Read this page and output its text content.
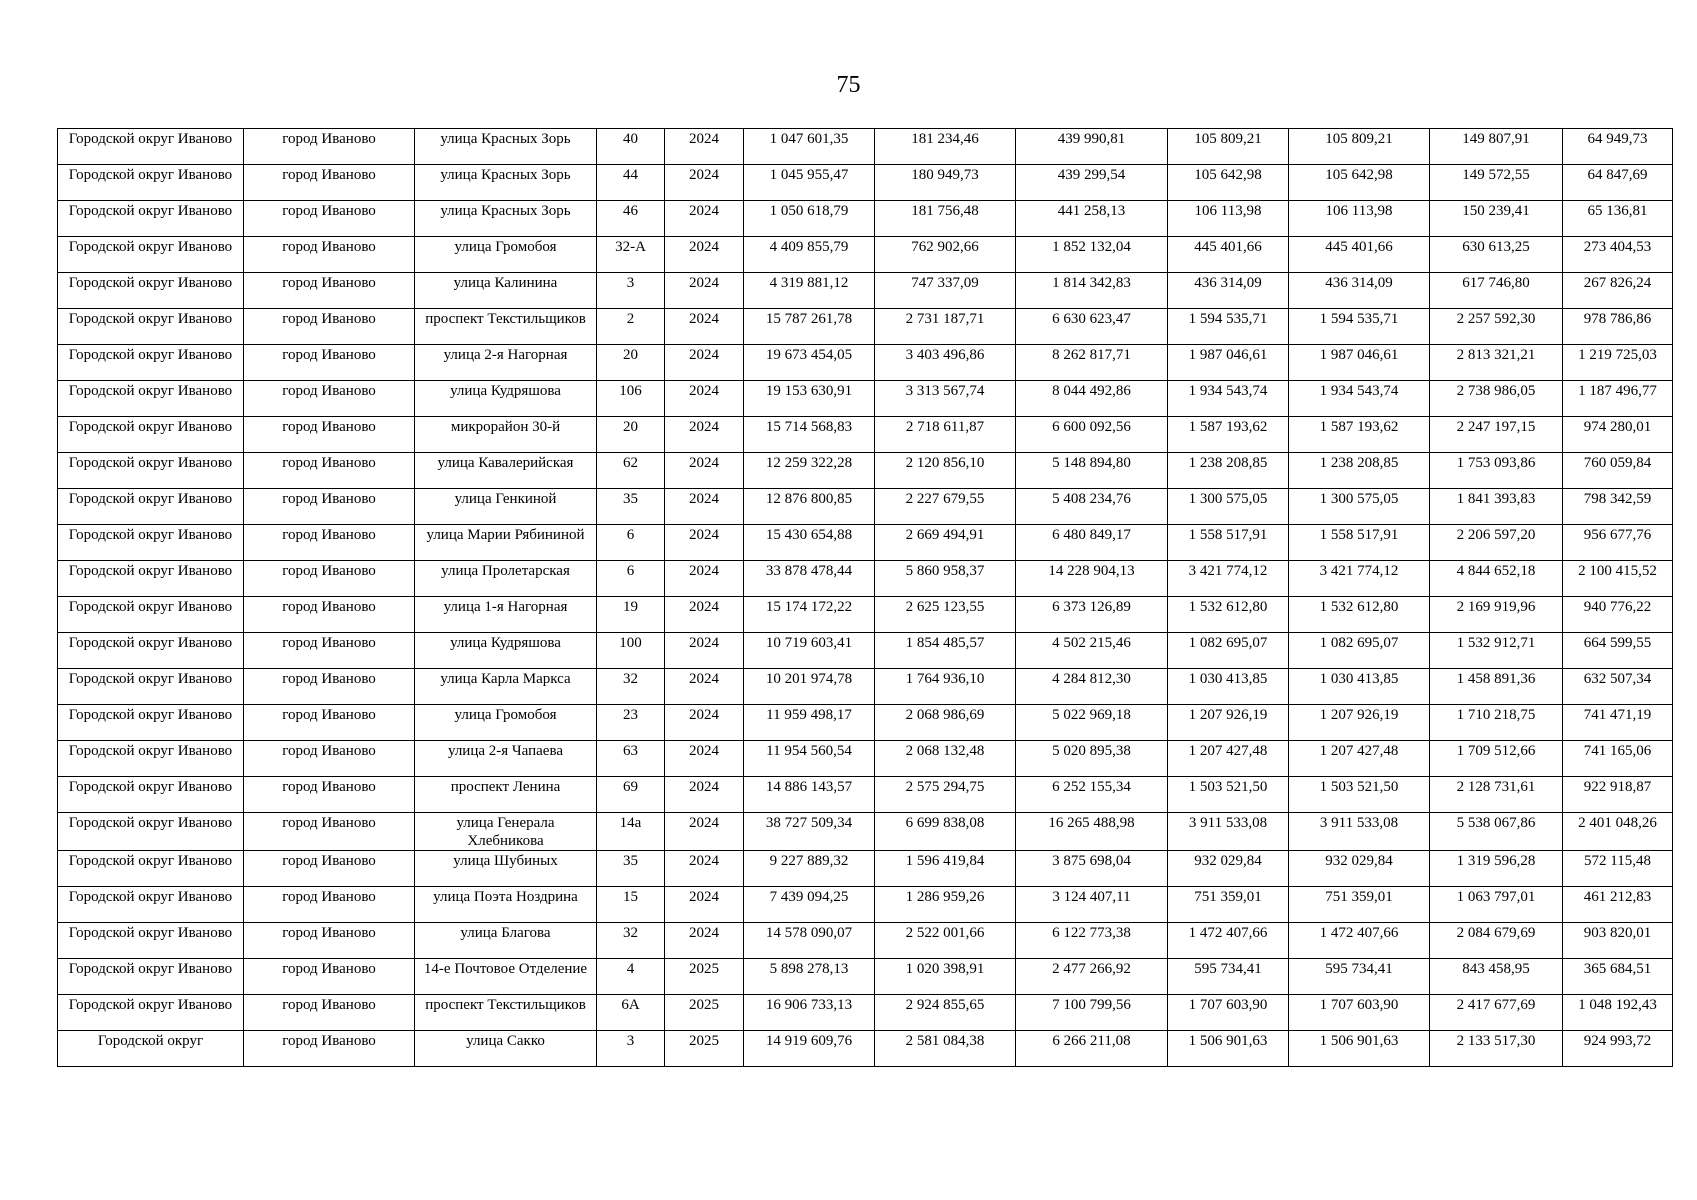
75
Городской округ Иваново	город Иваново	улица Красных Зорь	40	2024	1 047 601,35	181 234,46	439 990,81	105 809,21	105 809,21	149 807,91	64 949,73
Городской округ Иваново	город Иваново	улица Красных Зорь	44	2024	1 045 955,47	180 949,73	439 299,54	105 642,98	105 642,98	149 572,55	64 847,69
Городской округ Иваново	город Иваново	улица Красных Зорь	46	2024	1 050 618,79	181 756,48	441 258,13	106 113,98	106 113,98	150 239,41	65 136,81
Городской округ Иваново	город Иваново	улица Громобоя	32-А	2024	4 409 855,79	762 902,66	1 852 132,04	445 401,66	445 401,66	630 613,25	273 404,53
Городской округ Иваново	город Иваново	улица Калинина	3	2024	4 319 881,12	747 337,09	1 814 342,83	436 314,09	436 314,09	617 746,80	267 826,24
Городской округ Иваново	город Иваново	проспект Текстильщиков	2	2024	15 787 261,78	2 731 187,71	6 630 623,47	1 594 535,71	1 594 535,71	2 257 592,30	978 786,86
Городской округ Иваново	город Иваново	улица 2-я Нагорная	20	2024	19 673 454,05	3 403 496,86	8 262 817,71	1 987 046,61	1 987 046,61	2 813 321,21	1 219 725,03
Городской округ Иваново	город Иваново	улица Кудряшова	106	2024	19 153 630,91	3 313 567,74	8 044 492,86	1 934 543,74	1 934 543,74	2 738 986,05	1 187 496,77
Городской округ Иваново	город Иваново	микрорайон 30-й	20	2024	15 714 568,83	2 718 611,87	6 600 092,56	1 587 193,62	1 587 193,62	2 247 197,15	974 280,01
Городской округ Иваново	город Иваново	улица Кавалерийская	62	2024	12 259 322,28	2 120 856,10	5 148 894,80	1 238 208,85	1 238 208,85	1 753 093,86	760 059,84
Городской округ Иваново	город Иваново	улица Генкиной	35	2024	12 876 800,85	2 227 679,55	5 408 234,76	1 300 575,05	1 300 575,05	1 841 393,83	798 342,59
Городской округ Иваново	город Иваново	улица Марии Рябининой	6	2024	15 430 654,88	2 669 494,91	6 480 849,17	1 558 517,91	1 558 517,91	2 206 597,20	956 677,76
Городской округ Иваново	город Иваново	улица Пролетарская	6	2024	33 878 478,44	5 860 958,37	14 228 904,13	3 421 774,12	3 421 774,12	4 844 652,18	2 100 415,52
Городской округ Иваново	город Иваново	улица 1-я Нагорная	19	2024	15 174 172,22	2 625 123,55	6 373 126,89	1 532 612,80	1 532 612,80	2 169 919,96	940 776,22
Городской округ Иваново	город Иваново	улица Кудряшова	100	2024	10 719 603,41	1 854 485,57	4 502 215,46	1 082 695,07	1 082 695,07	1 532 912,71	664 599,55
Городской округ Иваново	город Иваново	улица Карла Маркса	32	2024	10 201 974,78	1 764 936,10	4 284 812,30	1 030 413,85	1 030 413,85	1 458 891,36	632 507,34
Городской округ Иваново	город Иваново	улица Громобоя	23	2024	11 959 498,17	2 068 986,69	5 022 969,18	1 207 926,19	1 207 926,19	1 710 218,75	741 471,19
Городской округ Иваново	город Иваново	улица 2-я Чапаева	63	2024	11 954 560,54	2 068 132,48	5 020 895,38	1 207 427,48	1 207 427,48	1 709 512,66	741 165,06
Городской округ Иваново	город Иваново	проспект Ленина	69	2024	14 886 143,57	2 575 294,75	6 252 155,34	1 503 521,50	1 503 521,50	2 128 731,61	922 918,87
Городской округ Иваново	город Иваново	улица Генерала Хлебникова	14а	2024	38 727 509,34	6 699 838,08	16 265 488,98	3 911 533,08	3 911 533,08	5 538 067,86	2 401 048,26
Городской округ Иваново	город Иваново	улица Шубиных	35	2024	9 227 889,32	1 596 419,84	3 875 698,04	932 029,84	932 029,84	1 319 596,28	572 115,48
Городской округ Иваново	город Иваново	улица Поэта Ноздрина	15	2024	7 439 094,25	1 286 959,26	3 124 407,11	751 359,01	751 359,01	1 063 797,01	461 212,83
Городской округ Иваново	город Иваново	улица Благова	32	2024	14 578 090,07	2 522 001,66	6 122 773,38	1 472 407,66	1 472 407,66	2 084 679,69	903 820,01
Городской округ Иваново	город Иваново	14-е Почтовое Отделение	4	2025	5 898 278,13	1 020 398,91	2 477 266,92	595 734,41	595 734,41	843 458,95	365 684,51
Городской округ Иваново	город Иваново	проспект Текстильщиков	6А	2025	16 906 733,13	2 924 855,65	7 100 799,56	1 707 603,90	1 707 603,90	2 417 677,69	1 048 192,43
Городской округ	город Иваново	улица Сакко	3	2025	14 919 609,76	2 581 084,38	6 266 211,08	1 506 901,63	1 506 901,63	2 133 517,30	924 993,72
